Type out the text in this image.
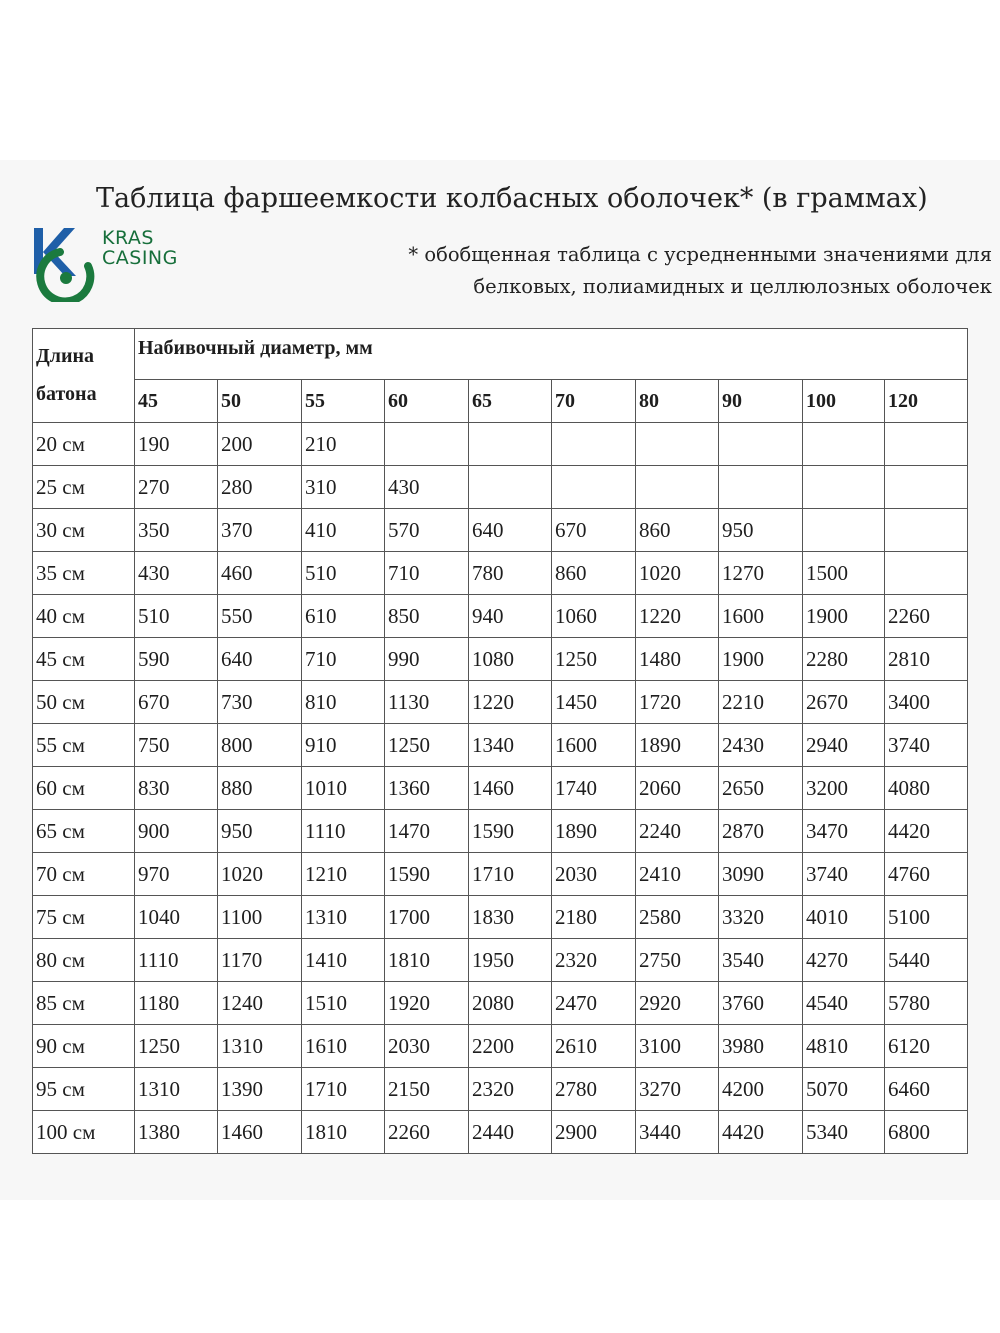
Таблица фаршеемкости колбасных оболочек* (в граммах)
* обобщенная таблица с усредненными значениями для
белковых, полиамидных и целлюлозных оболочек
KRAS
CASING
Длина
батона	Набивочный диаметр, мм									
	45	50	55	60	65	70	80	90	100	120
20 см	190	200	210							
25 см	270	280	310	430						
30 см	350	370	410	570	640	670	860	950		
35 см	430	460	510	710	780	860	1020	1270	1500	
40 см	510	550	610	850	940	1060	1220	1600	1900	2260
45 см	590	640	710	990	1080	1250	1480	1900	2280	2810
50 см	670	730	810	1130	1220	1450	1720	2210	2670	3400
55 см	750	800	910	1250	1340	1600	1890	2430	2940	3740
60 см	830	880	1010	1360	1460	1740	2060	2650	3200	4080
65 см	900	950	1110	1470	1590	1890	2240	2870	3470	4420
70 см	970	1020	1210	1590	1710	2030	2410	3090	3740	4760
75 см	1040	1100	1310	1700	1830	2180	2580	3320	4010	5100
80 см	1110	1170	1410	1810	1950	2320	2750	3540	4270	5440
85 см	1180	1240	1510	1920	2080	2470	2920	3760	4540	5780
90 см	1250	1310	1610	2030	2200	2610	3100	3980	4810	6120
95 см	1310	1390	1710	2150	2320	2780	3270	4200	5070	6460
100 см	1380	1460	1810	2260	2440	2900	3440	4420	5340	6800
